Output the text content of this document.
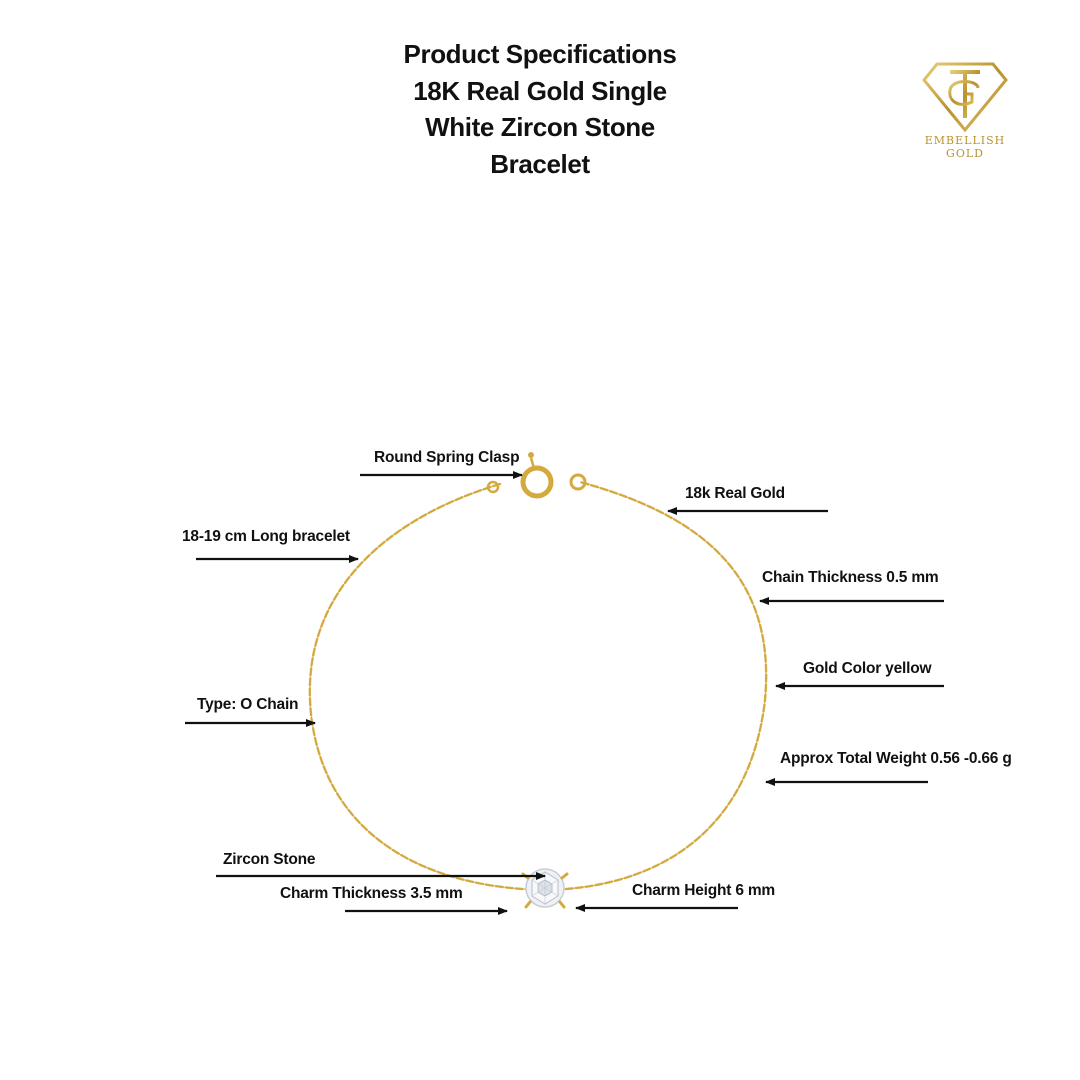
Product Specifications
18K Real Gold Single
White Zircon Stone
Bracelet
EMBELLISH
GOLD
Round Spring Clasp
18k Real Gold
18-19 cm Long bracelet
Chain Thickness 0.5 mm
Gold Color yellow
Type: O Chain
Approx Total Weight 0.56 -0.66 g
Zircon Stone
Charm Thickness 3.5 mm	Charm Height 6 mm
